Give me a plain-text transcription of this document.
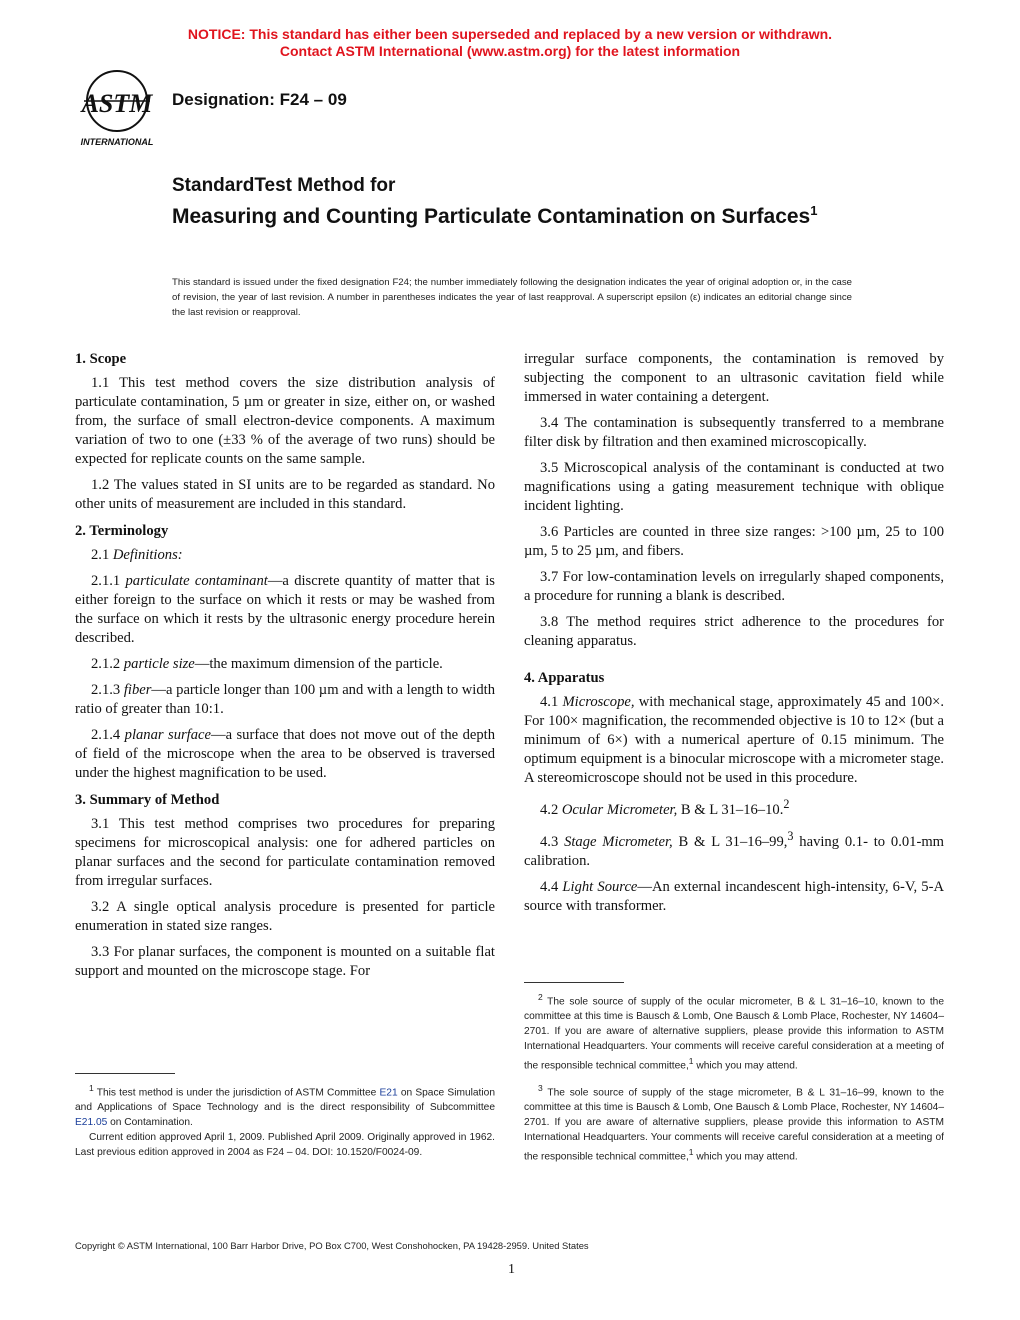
NOTICE: This standard has either been superseded and replaced by a new version or withdrawn.
Contact ASTM International (www.astm.org) for the latest information
ASTM
INTERNATIONAL
Designation: F24 – 09
StandardTest Method for
Measuring and Counting Particulate Contamination on Surfaces$^1$
This standard is issued under the fixed designation F24; the number immediately following the designation indicates the year of original adoption or, in the case of revision, the year of last revision. A number in parentheses indicates the year of last reapproval. A superscript epsilon (ε) indicates an editorial change since the last revision or reapproval.
1. Scope

1.1 This test method covers the size distribution analysis of particulate contamination, 5 µm or greater in size, either on, or washed from, the surface of small electron-device components. A maximum variation of two to one (±33 % of the average of two runs) should be expected for replicate counts on the same sample.

1.2 The values stated in SI units are to be regarded as standard. No other units of measurement are included in this standard.

2. Terminology

2.1 Definitions:

2.1.1 particulate contaminant—a discrete quantity of matter that is either foreign to the surface on which it rests or may be washed from the surface on which it rests by the ultrasonic energy procedure herein described.

2.1.2 particle size—the maximum dimension of the particle.

2.1.3 fiber—a particle longer than 100 µm and with a length to width ratio of greater than 10:1.

2.1.4 planar surface—a surface that does not move out of the depth of field of the microscope when the area to be observed is traversed under the highest magnification to be used.

3. Summary of Method

3.1 This test method comprises two procedures for preparing specimens for microscopical analysis: one for adhered particles on planar surfaces and the second for particulate contamination removed from irregular surfaces.

3.2 A single optical analysis procedure is presented for particle enumeration in stated size ranges.

3.3 For planar surfaces, the component is mounted on a suitable flat support and mounted on the microscope stage. For

irregular surface components, the contamination is removed by subjecting the component to an ultrasonic cavitation field while immersed in water containing a detergent.

3.4 The contamination is subsequently transferred to a membrane filter disk by filtration and then examined microscopically.

3.5 Microscopical analysis of the contaminant is conducted at two magnifications using a gating measurement technique with oblique incident lighting.

3.6 Particles are counted in three size ranges: >100 µm, 25 to 100 µm, 5 to 25 µm, and fibers.

3.7 For low-contamination levels on irregularly shaped components, a procedure for running a blank is described.

3.8 The method requires strict adherence to the procedures for cleaning apparatus.

4. Apparatus

4.1 Microscope, with mechanical stage, approximately 45 and 100×. For 100× magnification, the recommended objective is 10 to 12× (but a minimum of 6×) with a numerical aperture of 0.15 minimum. The optimum equipment is a binocular microscope with a micrometer stage. A stereomicroscope should not be used in this procedure.

4.2 Ocular Micrometer, B & L 31–16–10.$^2$

4.3 Stage Micrometer, B & L 31–16–99,$^3$ having 0.1- to 0.01-mm calibration.

4.4 Light Source—An external incandescent high-intensity, 6-V, 5-A source with transformer.

$^1$ This test method is under the jurisdiction of ASTM Committee E21 on Space Simulation and Applications of Space Technology and is the direct responsibility of Subcommittee E21.05 on Contamination.

Current edition approved April 1, 2009. Published April 2009. Originally approved in 1962. Last previous edition approved in 2004 as F24 – 04. DOI: 10.1520/F0024-09.

$^2$ The sole source of supply of the ocular micrometer, B & L 31–16–10, known to the committee at this time is Bausch & Lomb, One Bausch & Lomb Place, Rochester, NY 14604–2701. If you are aware of alternative suppliers, please provide this information to ASTM International Headquarters. Your comments will receive careful consideration at a meeting of the responsible technical committee,$^1$ which you may attend.

$^3$ The sole source of supply of the stage micrometer, B & L 31–16–99, known to the committee at this time is Bausch & Lomb, One Bausch & Lomb Place, Rochester, NY 14604–2701. If you are aware of alternative suppliers, please provide this information to ASTM International Headquarters. Your comments will receive careful consideration at a meeting of the responsible technical committee,$^1$ which you may attend.

Copyright © ASTM International, 100 Barr Harbor Drive, PO Box C700, West Conshohocken, PA 19428-2959. United States
1
